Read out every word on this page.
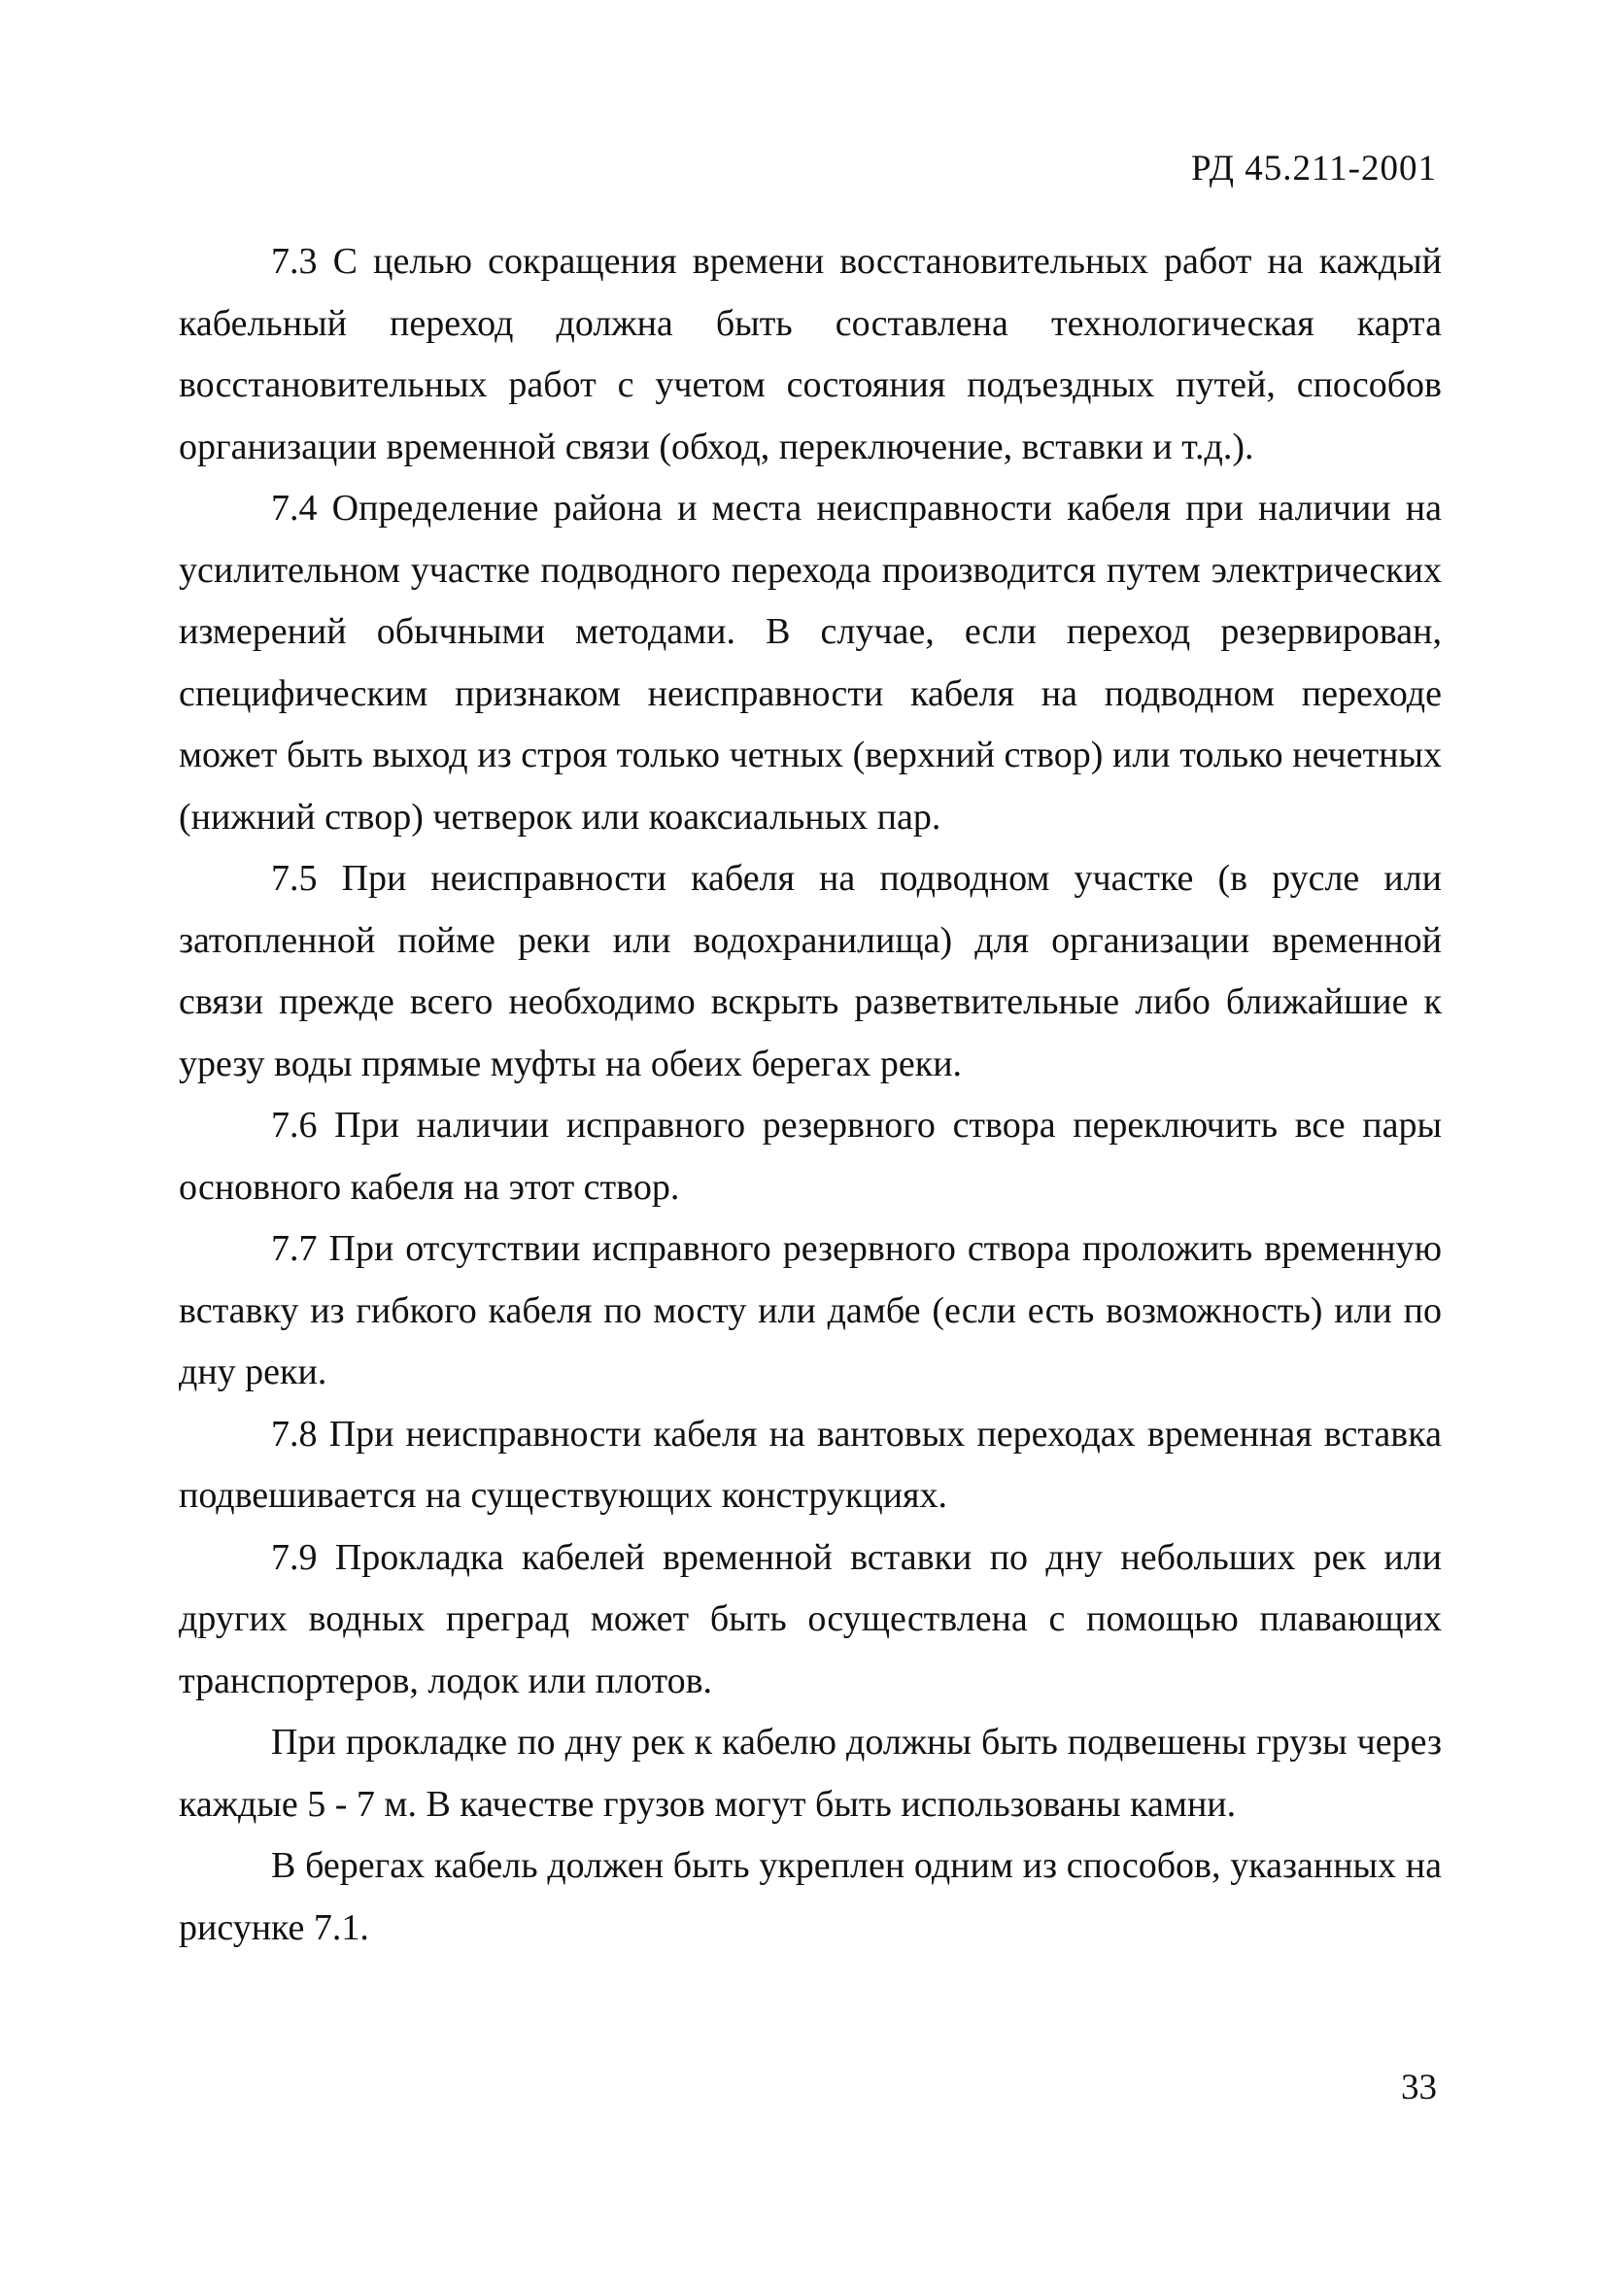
РД 45.211-2001

7.3 С целью сокращения времени восстановительных работ на каждый кабельный переход должна быть составлена технологическая карта восстановительных работ с учетом состояния подъездных путей, способов организации временной связи (обход, переключение, вставки и т.д.).

7.4 Определение района и места неисправности кабеля при наличии на усилительном участке подводного перехода производится путем электрических измерений обычными методами. В случае, если переход резервирован, специфическим признаком неисправности кабеля на подводном переходе может быть выход из строя только четных (верхний створ) или только нечетных (нижний створ) четверок или коаксиальных пар.

7.5 При неисправности кабеля на подводном участке (в русле или затопленной пойме реки или водохранилища) для организации временной связи прежде всего необходимо вскрыть разветвительные либо ближайшие к урезу воды прямые муфты на обеих берегах реки.

7.6 При наличии исправного резервного створа переключить все пары основного кабеля на этот створ.

7.7 При отсутствии исправного резервного створа проложить временную вставку из гибкого кабеля по мосту или дамбе (если есть возможность) или по дну реки.

7.8 При неисправности кабеля на вантовых переходах временная вставка подвешивается на существующих конструкциях.

7.9 Прокладка кабелей временной вставки по дну небольших рек или других водных преград может быть осуществлена с помощью плавающих транспортеров, лодок или плотов.

При прокладке по дну рек к кабелю должны быть подвешены грузы через каждые 5 - 7 м. В качестве грузов могут быть использованы камни.

В берегах кабель должен быть укреплен одним из способов, указанных на рисунке 7.1.

33
